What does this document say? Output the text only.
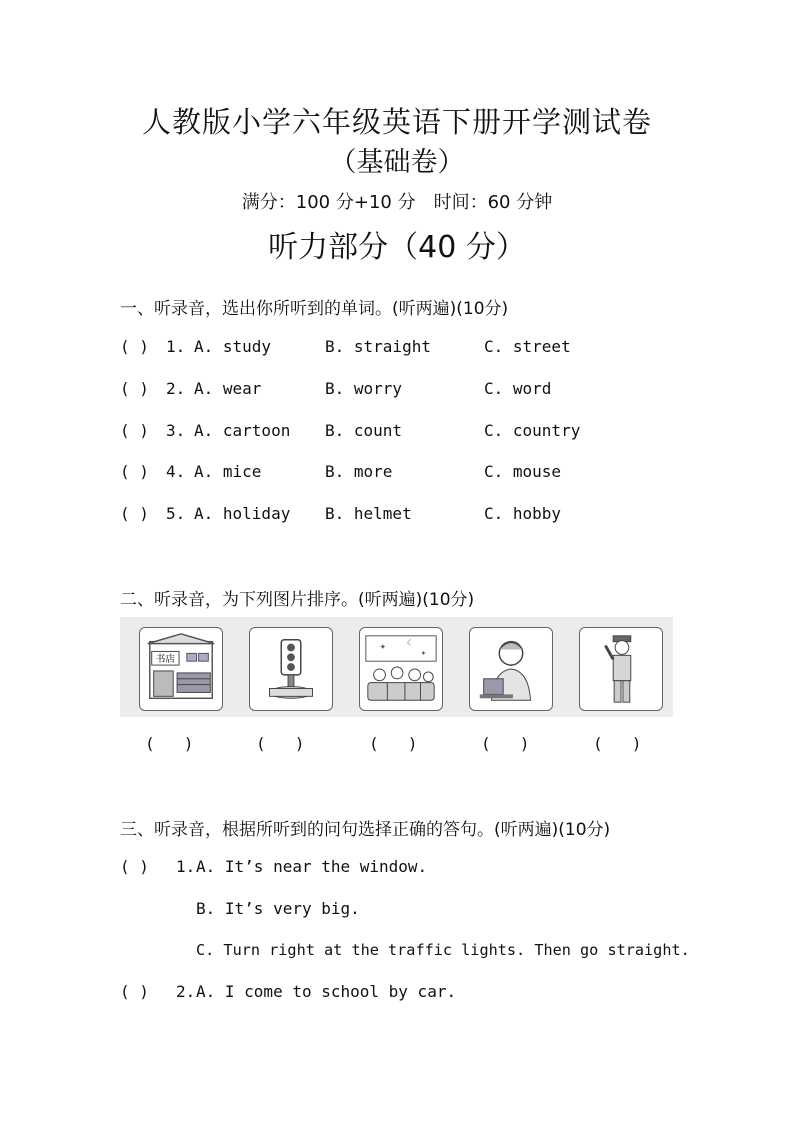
人教版小学六年级英语下册开学测试卷
（基础卷）
满分：100 分+10 分　时间：60 分钟
听力部分（40 分）
一、听录音，选出你所听到的单词。(听两遍)(10分)
( ) 1. A. study	B. straight	C. street
( ) 2. A. wear	B. worry	C. word
( ) 3. A. cartoon B. count	C. country
( ) 4. A. mice	B. more	C. mouse
( ) 5. A. holiday B. helmet	C. hobby
二、听录音，为下列图片排序。(听两遍)(10分)
书店
✦	☾
✦
(　　)	(　　)	(　　)	(　　)	(　　)
三、听录音，根据所听到的问句选择正确的答句。(听两遍)(10分)
( ) 1. A. It’s near the window.
B. It’s very big.
C. Turn right at the traffic lights. Then go straight.
( ) 2. A. I come to school by car.
